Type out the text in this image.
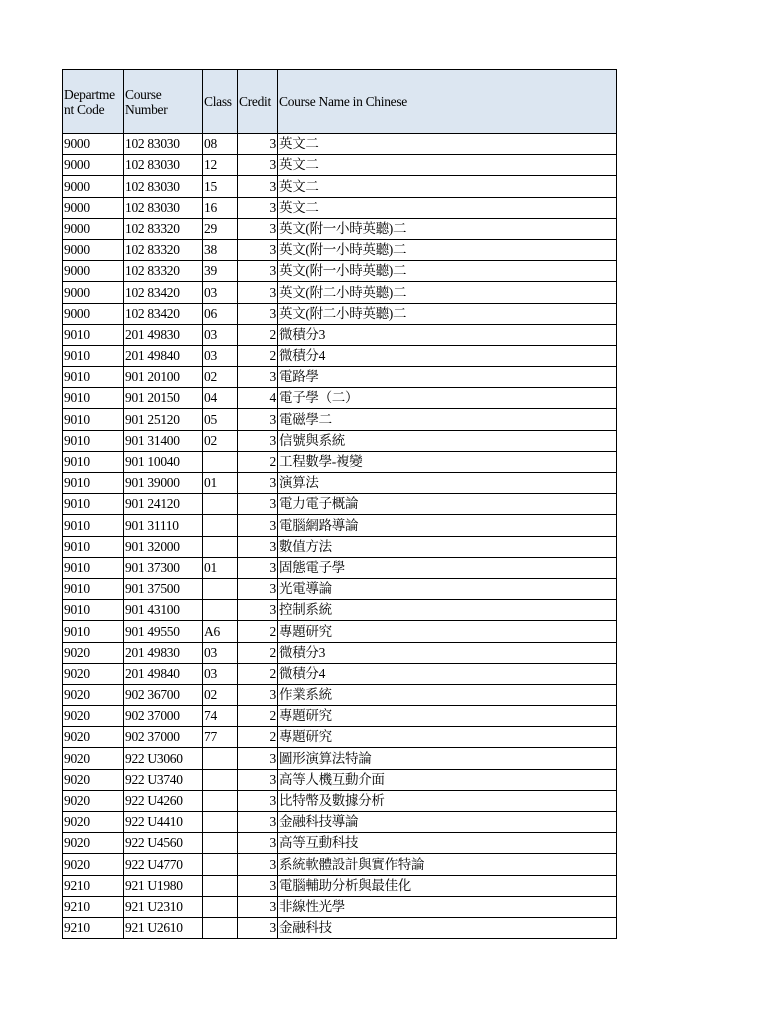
Departme nt Code	Course Number	Class	Credit	Course Name in Chinese
9000	102 83030	08	3	英文二
9000	102 83030	12	3	英文二
9000	102 83030	15	3	英文二
9000	102 83030	16	3	英文二
9000	102 83320	29	3	英文(附一小時英聽)二
9000	102 83320	38	3	英文(附一小時英聽)二
9000	102 83320	39	3	英文(附一小時英聽)二
9000	102 83420	03	3	英文(附二小時英聽)二
9000	102 83420	06	3	英文(附二小時英聽)二
9010	201 49830	03	2	微積分3
9010	201 49840	03	2	微積分4
9010	901 20100	02	3	電路學
9010	901 20150	04	4	電子學（二）
9010	901 25120	05	3	電磁學二
9010	901 31400	02	3	信號與系統
9010	901 10040		2	工程數學-複變
9010	901 39000	01	3	演算法
9010	901 24120		3	電力電子概論
9010	901 31110		3	電腦網路導論
9010	901 32000		3	數值方法
9010	901 37300	01	3	固態電子學
9010	901 37500		3	光電導論
9010	901 43100		3	控制系統
9010	901 49550	A6	2	專題研究
9020	201 49830	03	2	微積分3
9020	201 49840	03	2	微積分4
9020	902 36700	02	3	作業系統
9020	902 37000	74	2	專題研究
9020	902 37000	77	2	專題研究
9020	922 U3060		3	圖形演算法特論
9020	922 U3740		3	高等人機互動介面
9020	922 U4260		3	比特幣及數據分析
9020	922 U4410		3	金融科技導論
9020	922 U4560		3	高等互動科技
9020	922 U4770		3	系統軟體設計與實作特論
9210	921 U1980		3	電腦輔助分析與最佳化
9210	921 U2310		3	非線性光學
9210	921 U2610		3	金融科技
